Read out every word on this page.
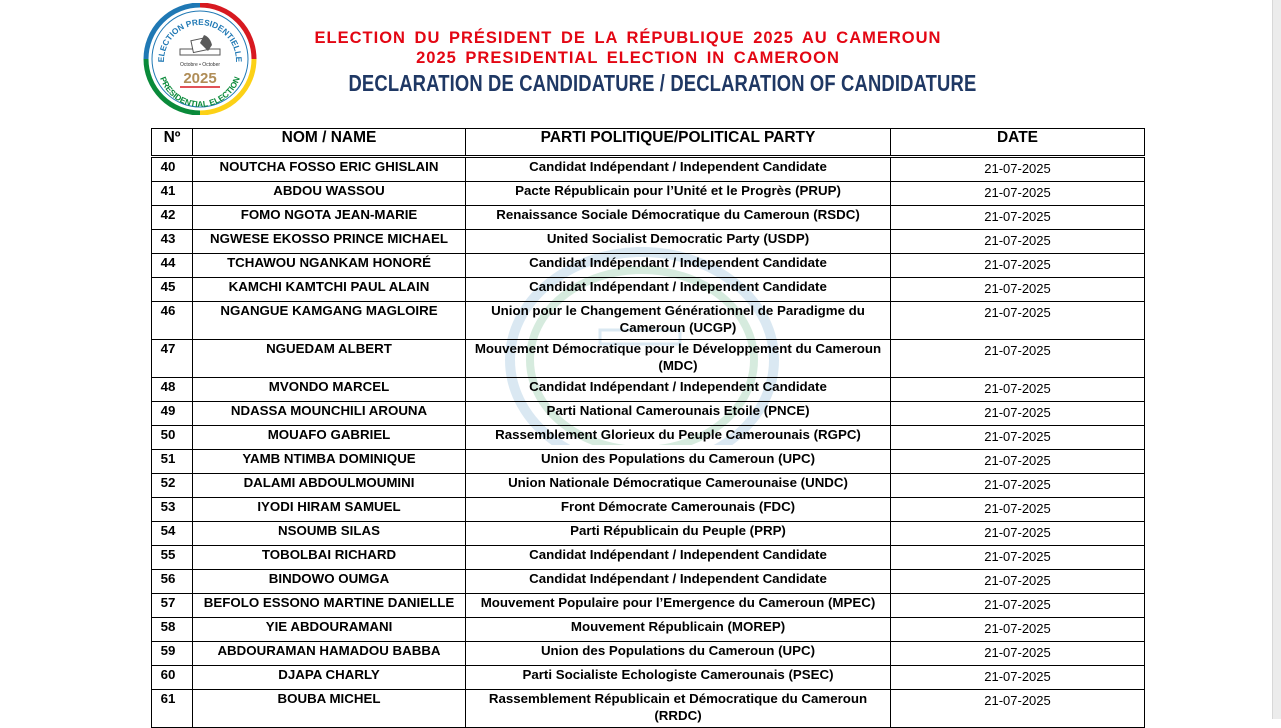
ELECTION PRESIDENTIELLE
PRESIDENTIAL ELECTION
Octobre • October
2025
ELECTION DU PRÉSIDENT DE LA RÉPUBLIQUE 2025 AU CAMEROUN
2025 PRESIDENTIAL ELECTION IN CAMEROON
DECLARATION DE CANDIDATURE / DECLARATION OF CANDIDATURE
Nº	NOM / NAME	PARTI POLITIQUE/POLITICAL PARTY	DATE
40	NOUTCHA FOSSO ERIC GHISLAIN	Candidat Indépendant / Independent Candidate	21-07-2025
41	ABDOU WASSOU	Pacte Républicain pour l’Unité et le Progrès (PRUP)	21-07-2025
42	FOMO NGOTA JEAN-MARIE	Renaissance Sociale Démocratique du Cameroun (RSDC)	21-07-2025
43	NGWESE EKOSSO PRINCE MICHAEL	United Socialist Democratic Party (USDP)	21-07-2025
44	TCHAWOU NGANKAM HONORÉ	Candidat Indépendant / Independent Candidate	21-07-2025
45	KAMCHI KAMTCHI PAUL ALAIN	Candidat Indépendant / Independent Candidate	21-07-2025
46	NGANGUE KAMGANG MAGLOIRE	Union pour le Changement Générationnel de Paradigme du Cameroun (UCGP)	21-07-2025
47	NGUEDAM ALBERT	Mouvement Démocratique pour le Développement du Cameroun (MDC)	21-07-2025
48	MVONDO MARCEL	Candidat Indépendant / Independent Candidate	21-07-2025
49	NDASSA MOUNCHILI AROUNA	Parti National Camerounais Etoile (PNCE)	21-07-2025
50	MOUAFO GABRIEL	Rassemblement Glorieux du Peuple Camerounais (RGPC)	21-07-2025
51	YAMB NTIMBA DOMINIQUE	Union des Populations du Cameroun (UPC)	21-07-2025
52	DALAMI ABDOULMOUMINI	Union Nationale Démocratique Camerounaise (UNDC)	21-07-2025
53	IYODI HIRAM SAMUEL	Front Démocrate Camerounais (FDC)	21-07-2025
54	NSOUMB SILAS	Parti Républicain du Peuple (PRP)	21-07-2025
55	TOBOLBAI RICHARD	Candidat Indépendant / Independent Candidate	21-07-2025
56	BINDOWO OUMGA	Candidat Indépendant / Independent Candidate	21-07-2025
57	BEFOLO ESSONO MARTINE DANIELLE	Mouvement Populaire pour l’Emergence du Cameroun (MPEC)	21-07-2025
58	YIE ABDOURAMANI	Mouvement Républicain (MOREP)	21-07-2025
59	ABDOURAMAN HAMADOU BABBA	Union des Populations du Cameroun (UPC)	21-07-2025
60	DJAPA CHARLY	Parti Socialiste Echologiste Camerounais (PSEC)	21-07-2025
61	BOUBA MICHEL	Rassemblement Républicain et Démocratique du Cameroun (RRDC)	21-07-2025
